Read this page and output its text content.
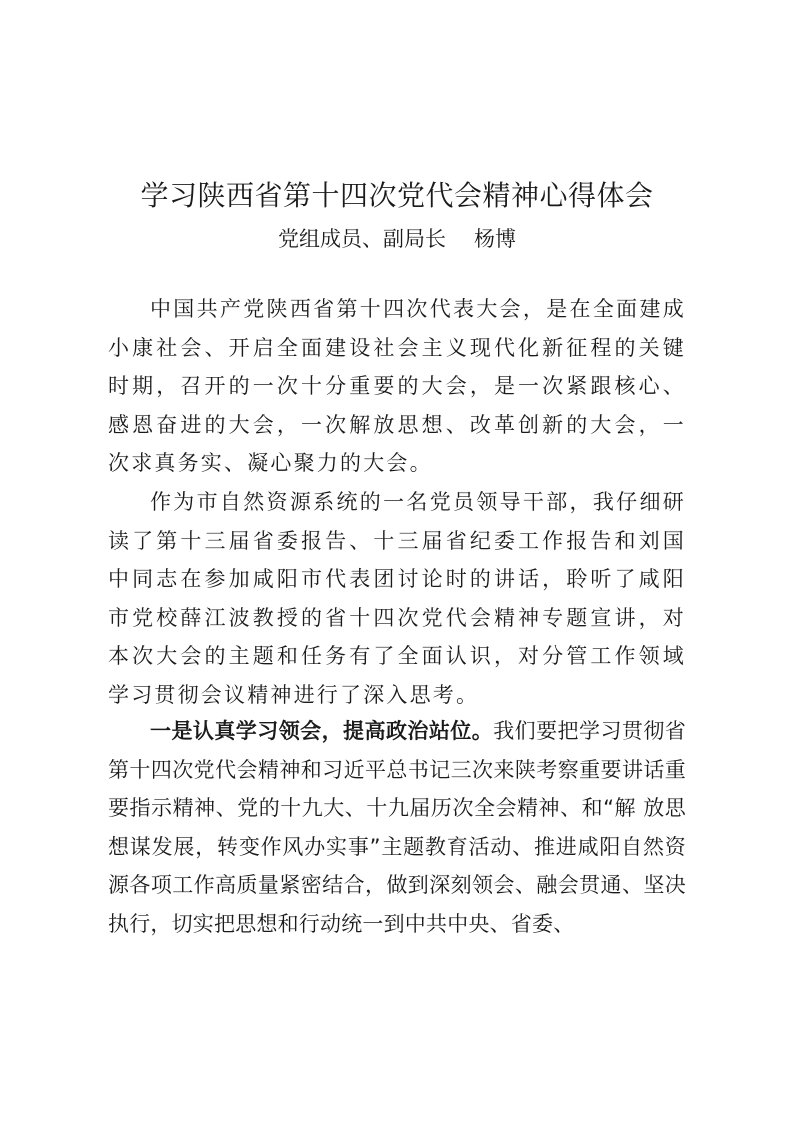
学习陕西省第十四次党代会精神心得体会
党组成员、副局长 杨博

中国共产党陕西省第十四次代表大会，是在全面建成小康社会、开启全面建设社会主义现代化新征程的关键时期，召开的一次十分重要的大会，是一次紧跟核心、感恩奋进的大会，一次解放思想、改革创新的大会，一次求真务实、凝心聚力的大会。

作为市自然资源系统的一名党员领导干部，我仔细研读了第十三届省委报告、十三届省纪委工作报告和刘国中同志在参加咸阳市代表团讨论时的讲话，聆听了咸阳市党校薛江波教授的省十四次党代会精神专题宣讲，对本次大会的主题和任务有了全面认识，对分管工作领域学习贯彻会议精神进行了深入思考。

一是认真学习领会，提高政治站位。我们要把学习贯彻省第十四次党代会精神和习近平总书记三次来陕考察重要讲话重要指示精神、党的十九大、十九届历次全会精神、和“解 放思想谋发展，转变作风办实事”主题教育活动、推进咸阳自然资源各项工作高质量紧密结合，做到深刻领会、融会贯通、坚决执行，切实把思想和行动统一到中共中央、省委、
